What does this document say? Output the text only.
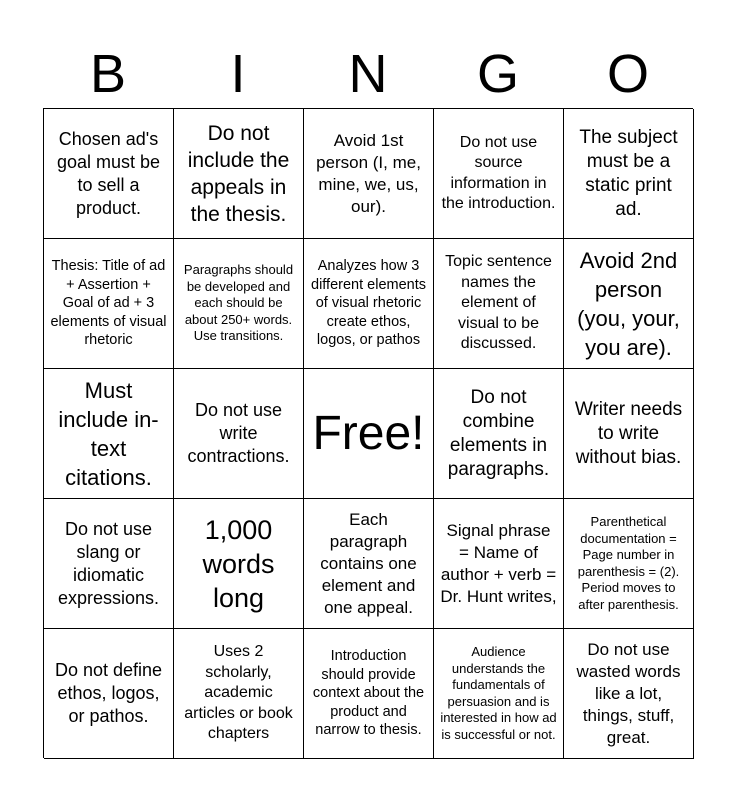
B	I	N	G	O
Chosen ad's goal must be to sell a product.
Do not include the appeals in the thesis.
Avoid 1st person (I, me, mine, we, us, our).
Do not use source information in the introduction.
The subject must be a static print ad.
Thesis: Title of ad + Assertion + Goal of ad + 3 elements of visual rhetoric
Paragraphs should be developed and each should be about 250+ words. Use transitions.
Analyzes how 3 different elements of visual rhetoric create ethos, logos, or pathos
Topic sentence names the element of visual to be discussed.
Avoid 2nd person (you, your, you are).
Must include in-text citations.
Do not use write contractions. Free!
Do not combine elements in paragraphs.
Writer needs to write without bias.
Do not use slang or idiomatic expressions.
1,000 words long
Each paragraph contains one element and one appeal.
Signal phrase = Name of author + verb = Dr. Hunt writes,
Parenthetical documentation = Page number in parenthesis = (2). Period moves to after parenthesis.
Do not define ethos, logos, or pathos.
Uses 2 scholarly, academic articles or book chapters
Introduction should provide context about the product and narrow to thesis.
Audience understands the fundamentals of persuasion and is interested in how ad is successful or not.
Do not use wasted words like a lot, things, stuff, great.
